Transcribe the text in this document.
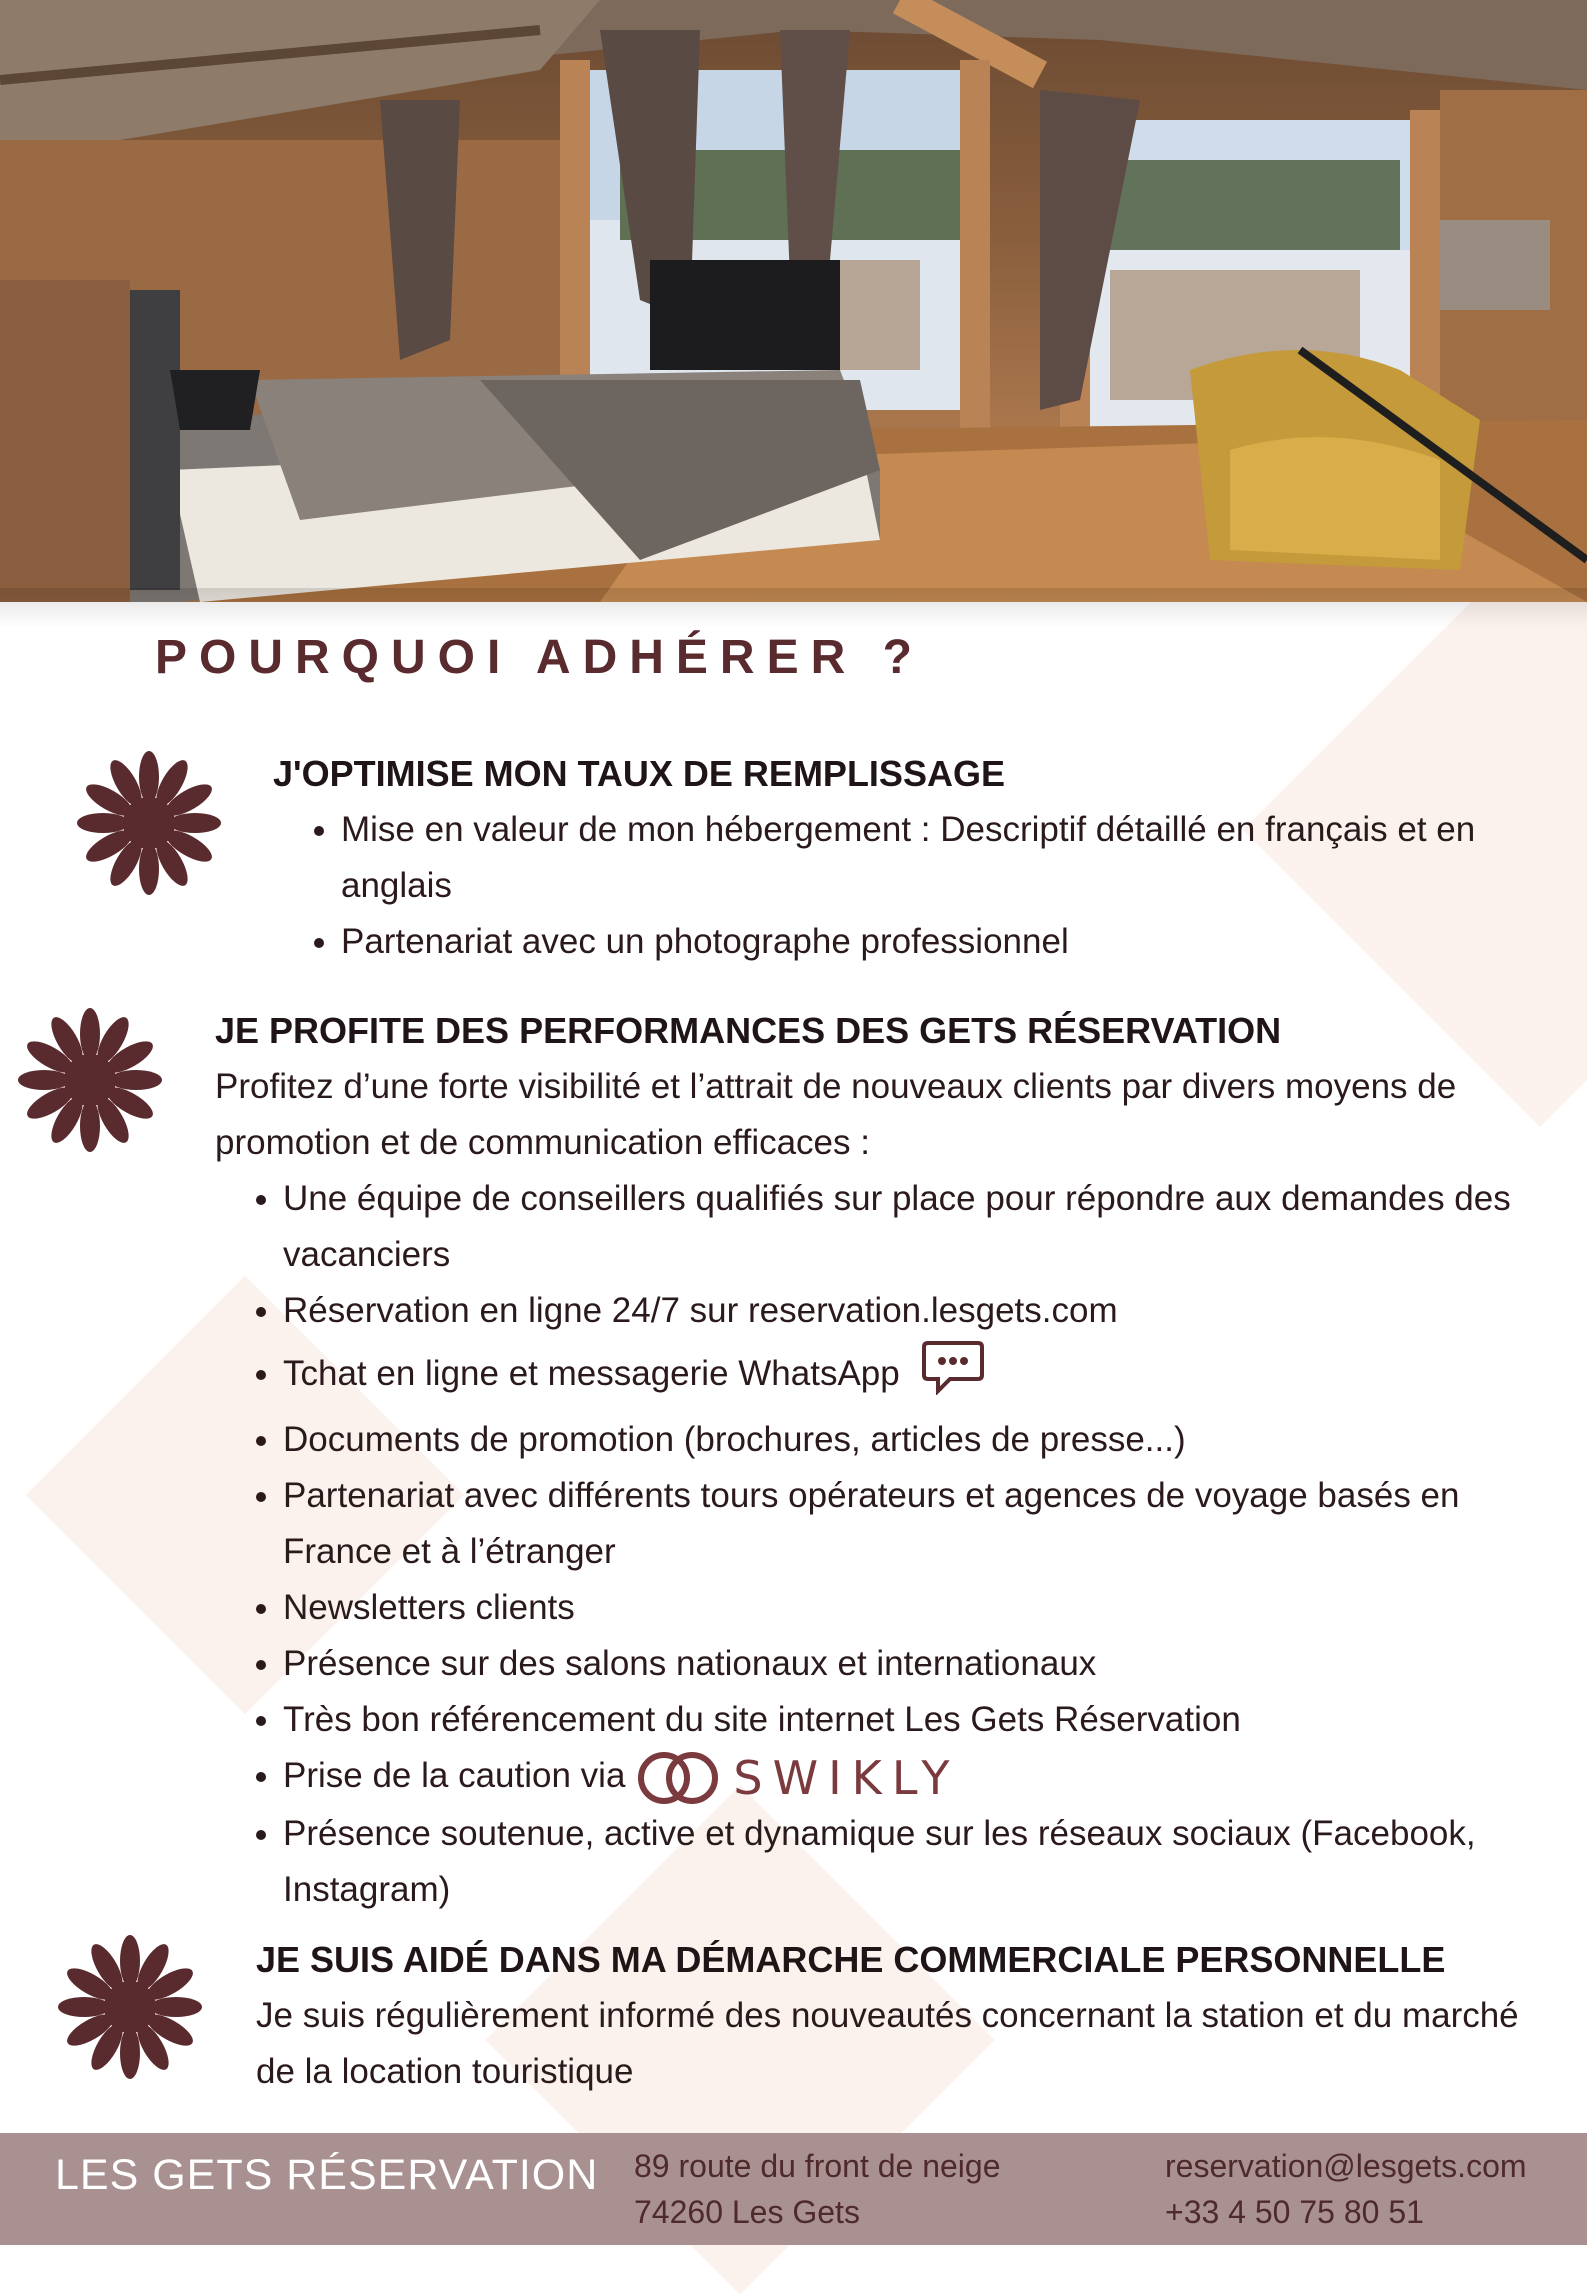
POURQUOI ADHÉRER ?
J'OPTIMISE MON TAUX DE REMPLISSAGE
• Mise en valeur de mon hébergement : Descriptif détaillé en français et en anglais
• Partenariat avec un photographe professionnel
JE PROFITE DES PERFORMANCES DES GETS RÉSERVATION

Profitez d’une forte visibilité et l’attrait de nouveaux clients par divers moyens de promotion et de communication efficaces :

• Une équipe de conseillers qualifiés sur place pour répondre aux demandes des vacanciers
• Réservation en ligne 24/7 sur reservation.lesgets.com
• Tchat en ligne et messagerie WhatsApp
• Documents de promotion (brochures, articles de presse...)
• Partenariat avec différents tours opérateurs et agences de voyage basés en France et à l’étranger
• Newsletters clients
• Présence sur des salons nationaux et internationaux
• Très bon référencement du site internet Les Gets Réservation
• Prise de la caution via SWIKLY
• Présence soutenue, active et dynamique sur les réseaux sociaux (Facebook, Instagram)
JE SUIS AIDÉ DANS MA DÉMARCHE COMMERCIALE PERSONNELLE

Je suis régulièrement informé des nouveautés concernant la station et du marché de la location touristique

LES GETS RÉSERVATION 89 route du front de neige
74260 Les Gets
reservation@lesgets.com
+33 4 50 75 80 51
